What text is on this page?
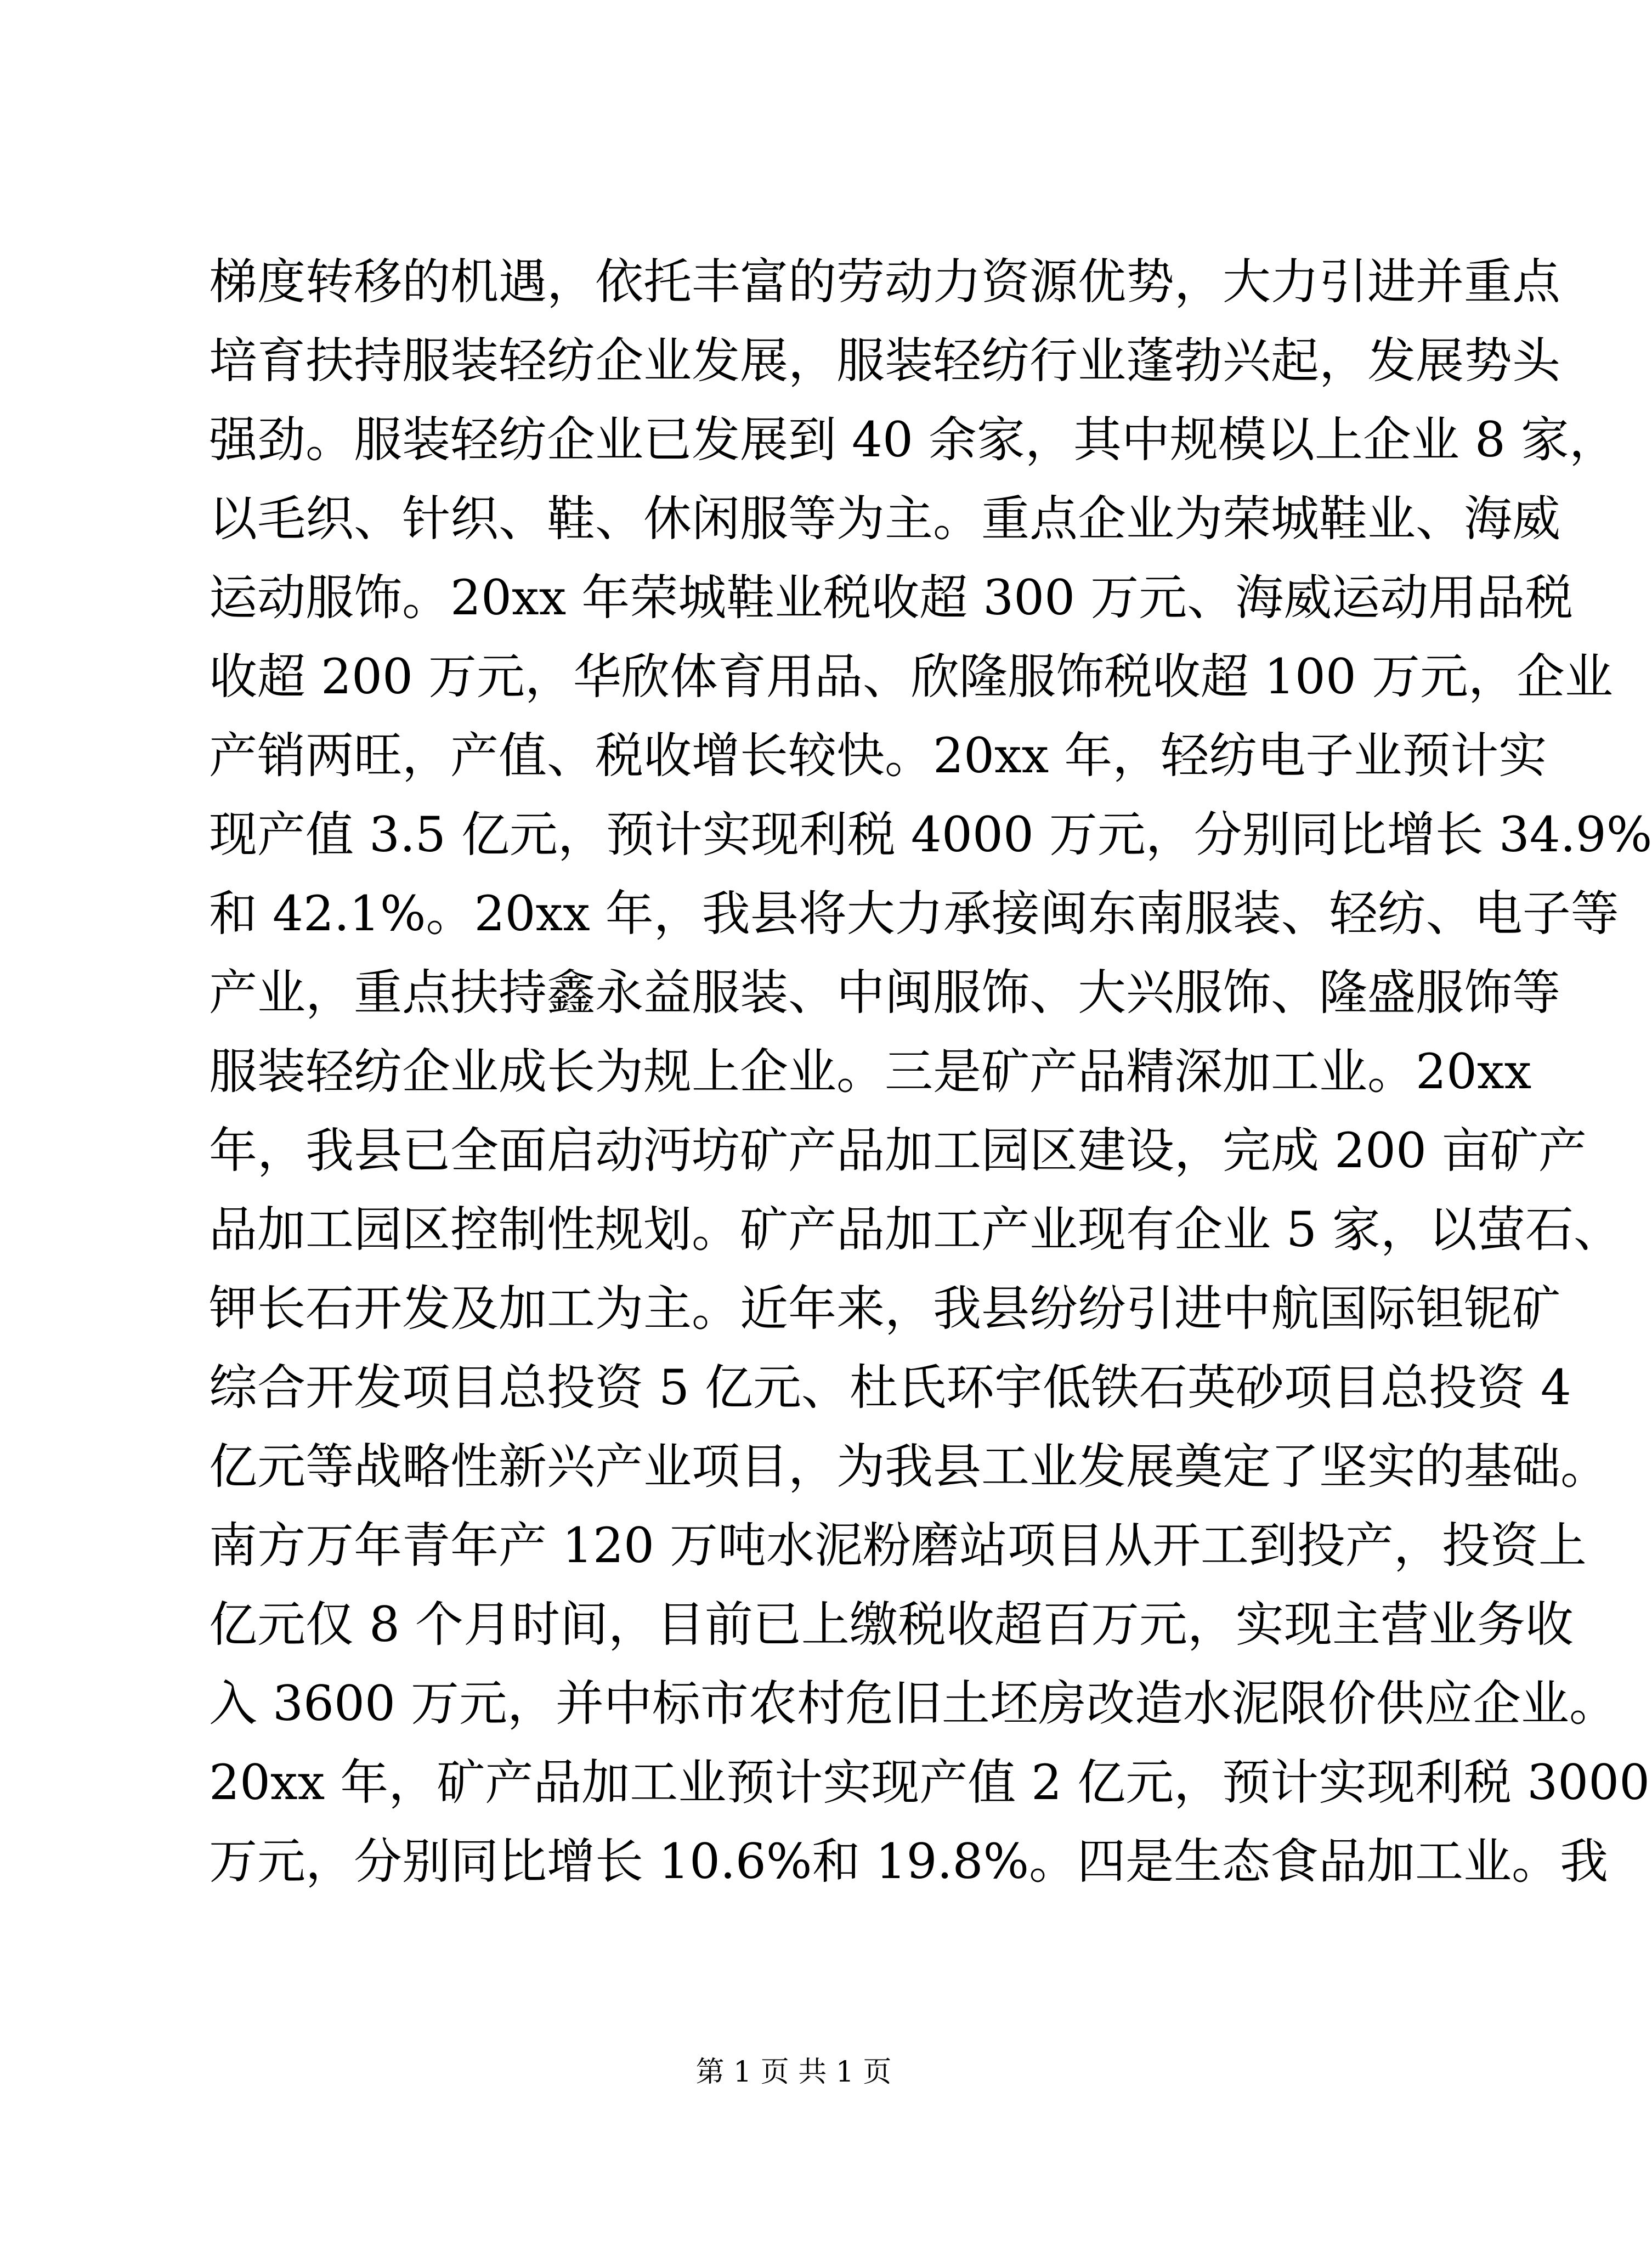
梯度转移的机遇，依托丰富的劳动力资源优势，大力引进并重点
培育扶持服装轻纺企业发展，服装轻纺行业蓬勃兴起，发展势头
强劲。服装轻纺企业已发展到 40 余家，其中规模以上企业 8 家，
以毛织、针织、鞋、休闲服等为主。重点企业为荣城鞋业、海威
运动服饰。20xx 年荣城鞋业税收超 300 万元、海威运动用品税
收超 200 万元，华欣体育用品、欣隆服饰税收超 100 万元，企业
产销两旺，产值、税收增长较快。20xx 年，轻纺电子业预计实
现产值 3.5 亿元，预计实现利税 4000 万元，分别同比增长 34.9%
和 42.1%。20xx 年，我县将大力承接闽东南服装、轻纺、电子等
产业，重点扶持鑫永益服装、中闽服饰、大兴服饰、隆盛服饰等
服装轻纺企业成长为规上企业。三是矿产品精深加工业。20xx
年，我县已全面启动沔坊矿产品加工园区建设，完成 200 亩矿产
品加工园区控制性规划。矿产品加工产业现有企业 5 家，以萤石、
钾长石开发及加工为主。近年来，我县纷纷引进中航国际钽铌矿
综合开发项目总投资 5 亿元、杜氏环宇低铁石英砂项目总投资 4
亿元等战略性新兴产业项目，为我县工业发展奠定了坚实的基础。
南方万年青年产 120 万吨水泥粉磨站项目从开工到投产，投资上
亿元仅 8 个月时间，目前已上缴税收超百万元，实现主营业务收
入 3600 万元，并中标市农村危旧土坯房改造水泥限价供应企业。
20xx 年，矿产品加工业预计实现产值 2 亿元，预计实现利税 3000
万元，分别同比增长 10.6%和 19.8%。四是生态食品加工业。我
第 1 页 共 1 页
